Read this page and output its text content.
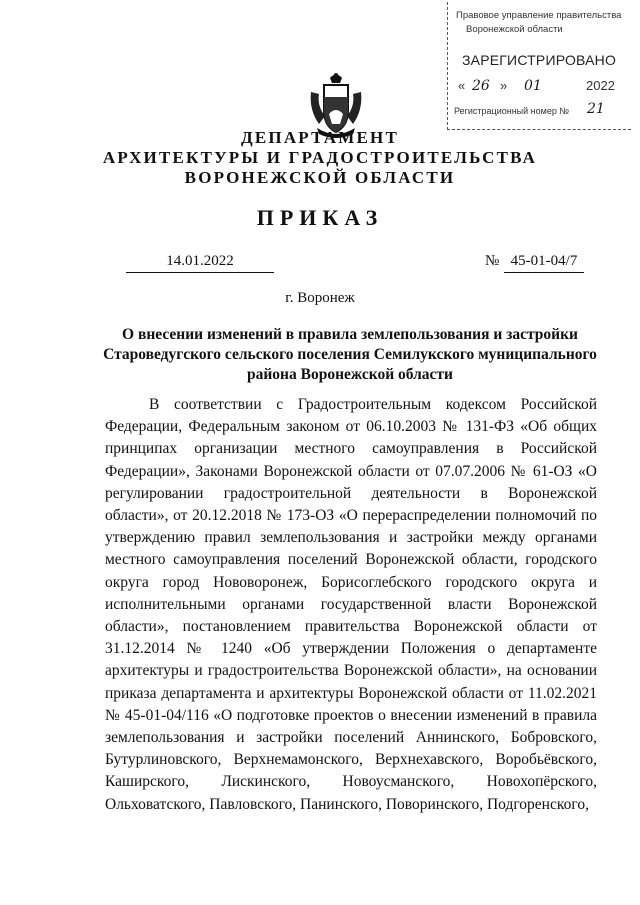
Правовое управление правительства
Воронежской области
ЗАРЕГИСТРИРОВАНО
« 26 » 01	2022
Регистрационный номер № 21
ДЕПАРТАМЕНТ
АРХИТЕКТУРЫ И ГРАДОСТРОИТЕЛЬСТВА
ВОРОНЕЖСКОЙ ОБЛАСТИ
ПРИКАЗ
14.01.2022	№ 45-01-04/7
г. Воронеж
О внесении изменений в правила землепользования и застройки Староведугского сельского поселения Семилукского муниципального района Воронежской области

В соответствии с Градостроительным кодексом Российской Федерации, Федеральным законом от 06.10.2003 № 131-ФЗ «Об общих принципах организации местного самоуправления в Российской Федерации», Законами Воронежской области от 07.07.2006 № 61-ОЗ «О регулировании градостроительной деятельности в Воронежской области», от 20.12.2018 № 173-ОЗ «О перераспределении полномочий по утверждению правил землепользования и застройки между органами местного самоуправления поселений Воронежской области, городского округа город Нововоронеж, Борисоглебского городского округа и исполнительными органами государственной власти Воронежской области», постановлением правительства Воронежской области от 31.12.2014 № 1240 «Об утверждении Положения о департаменте архитектуры и градостроительства Воронежской области», на основании приказа департамента и архитектуры Воронежской области от 11.02.2021 № 45-01-04/116 «О подготовке проектов о внесении изменений в правила землепользования и застройки поселений Аннинского, Бобровского, Бутурлиновского, Верхнемамонского, Верхнехавского, Воробьёвского, Каширского, Лискинского, Новоусманского, Новохопёрского, Ольховатского, Павловского, Панинского, Поворинского, Подгоренского,
